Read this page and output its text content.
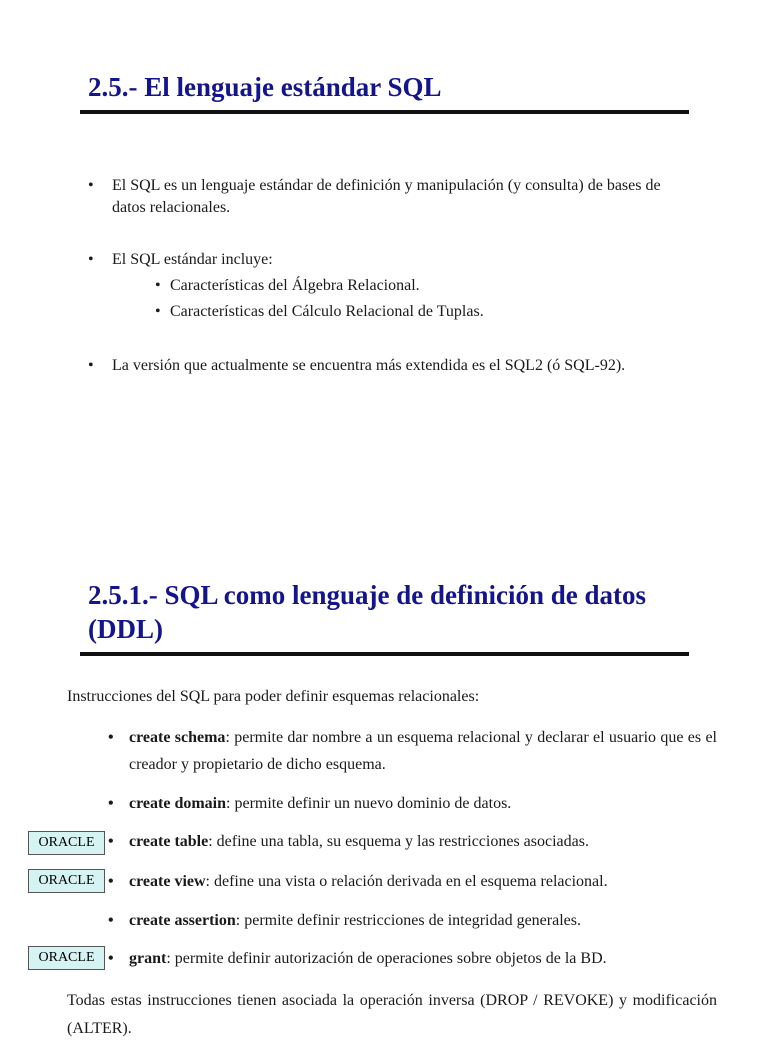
2.5.- El lenguaje estándar SQL
• El SQL es un lenguaje estándar de definición y manipulación (y consulta) de bases de datos relacionales.
• El SQL estándar incluye:
• Características del Álgebra Relacional.
• Características del Cálculo Relacional de Tuplas.
• La versión que actualmente se encuentra más extendida es el SQL2 (ó SQL-92).
2.5.1.- SQL como lenguaje de definición de datos (DDL)
Instrucciones del SQL para poder definir esquemas relacionales:
• create schema: permite dar nombre a un esquema relacional y declarar el usuario que es el creador y propietario de dicho esquema.
• create domain: permite definir un nuevo dominio de datos.
ORACLE • create table: define una tabla, su esquema y las restricciones asociadas.
ORACLE • create view: define una vista o relación derivada en el esquema relacional.
• create assertion: permite definir restricciones de integridad generales.
ORACLE • grant: permite definir autorización de operaciones sobre objetos de la BD.
Todas estas instrucciones tienen asociada la operación inversa (DROP / REVOKE) y modificación (ALTER).
